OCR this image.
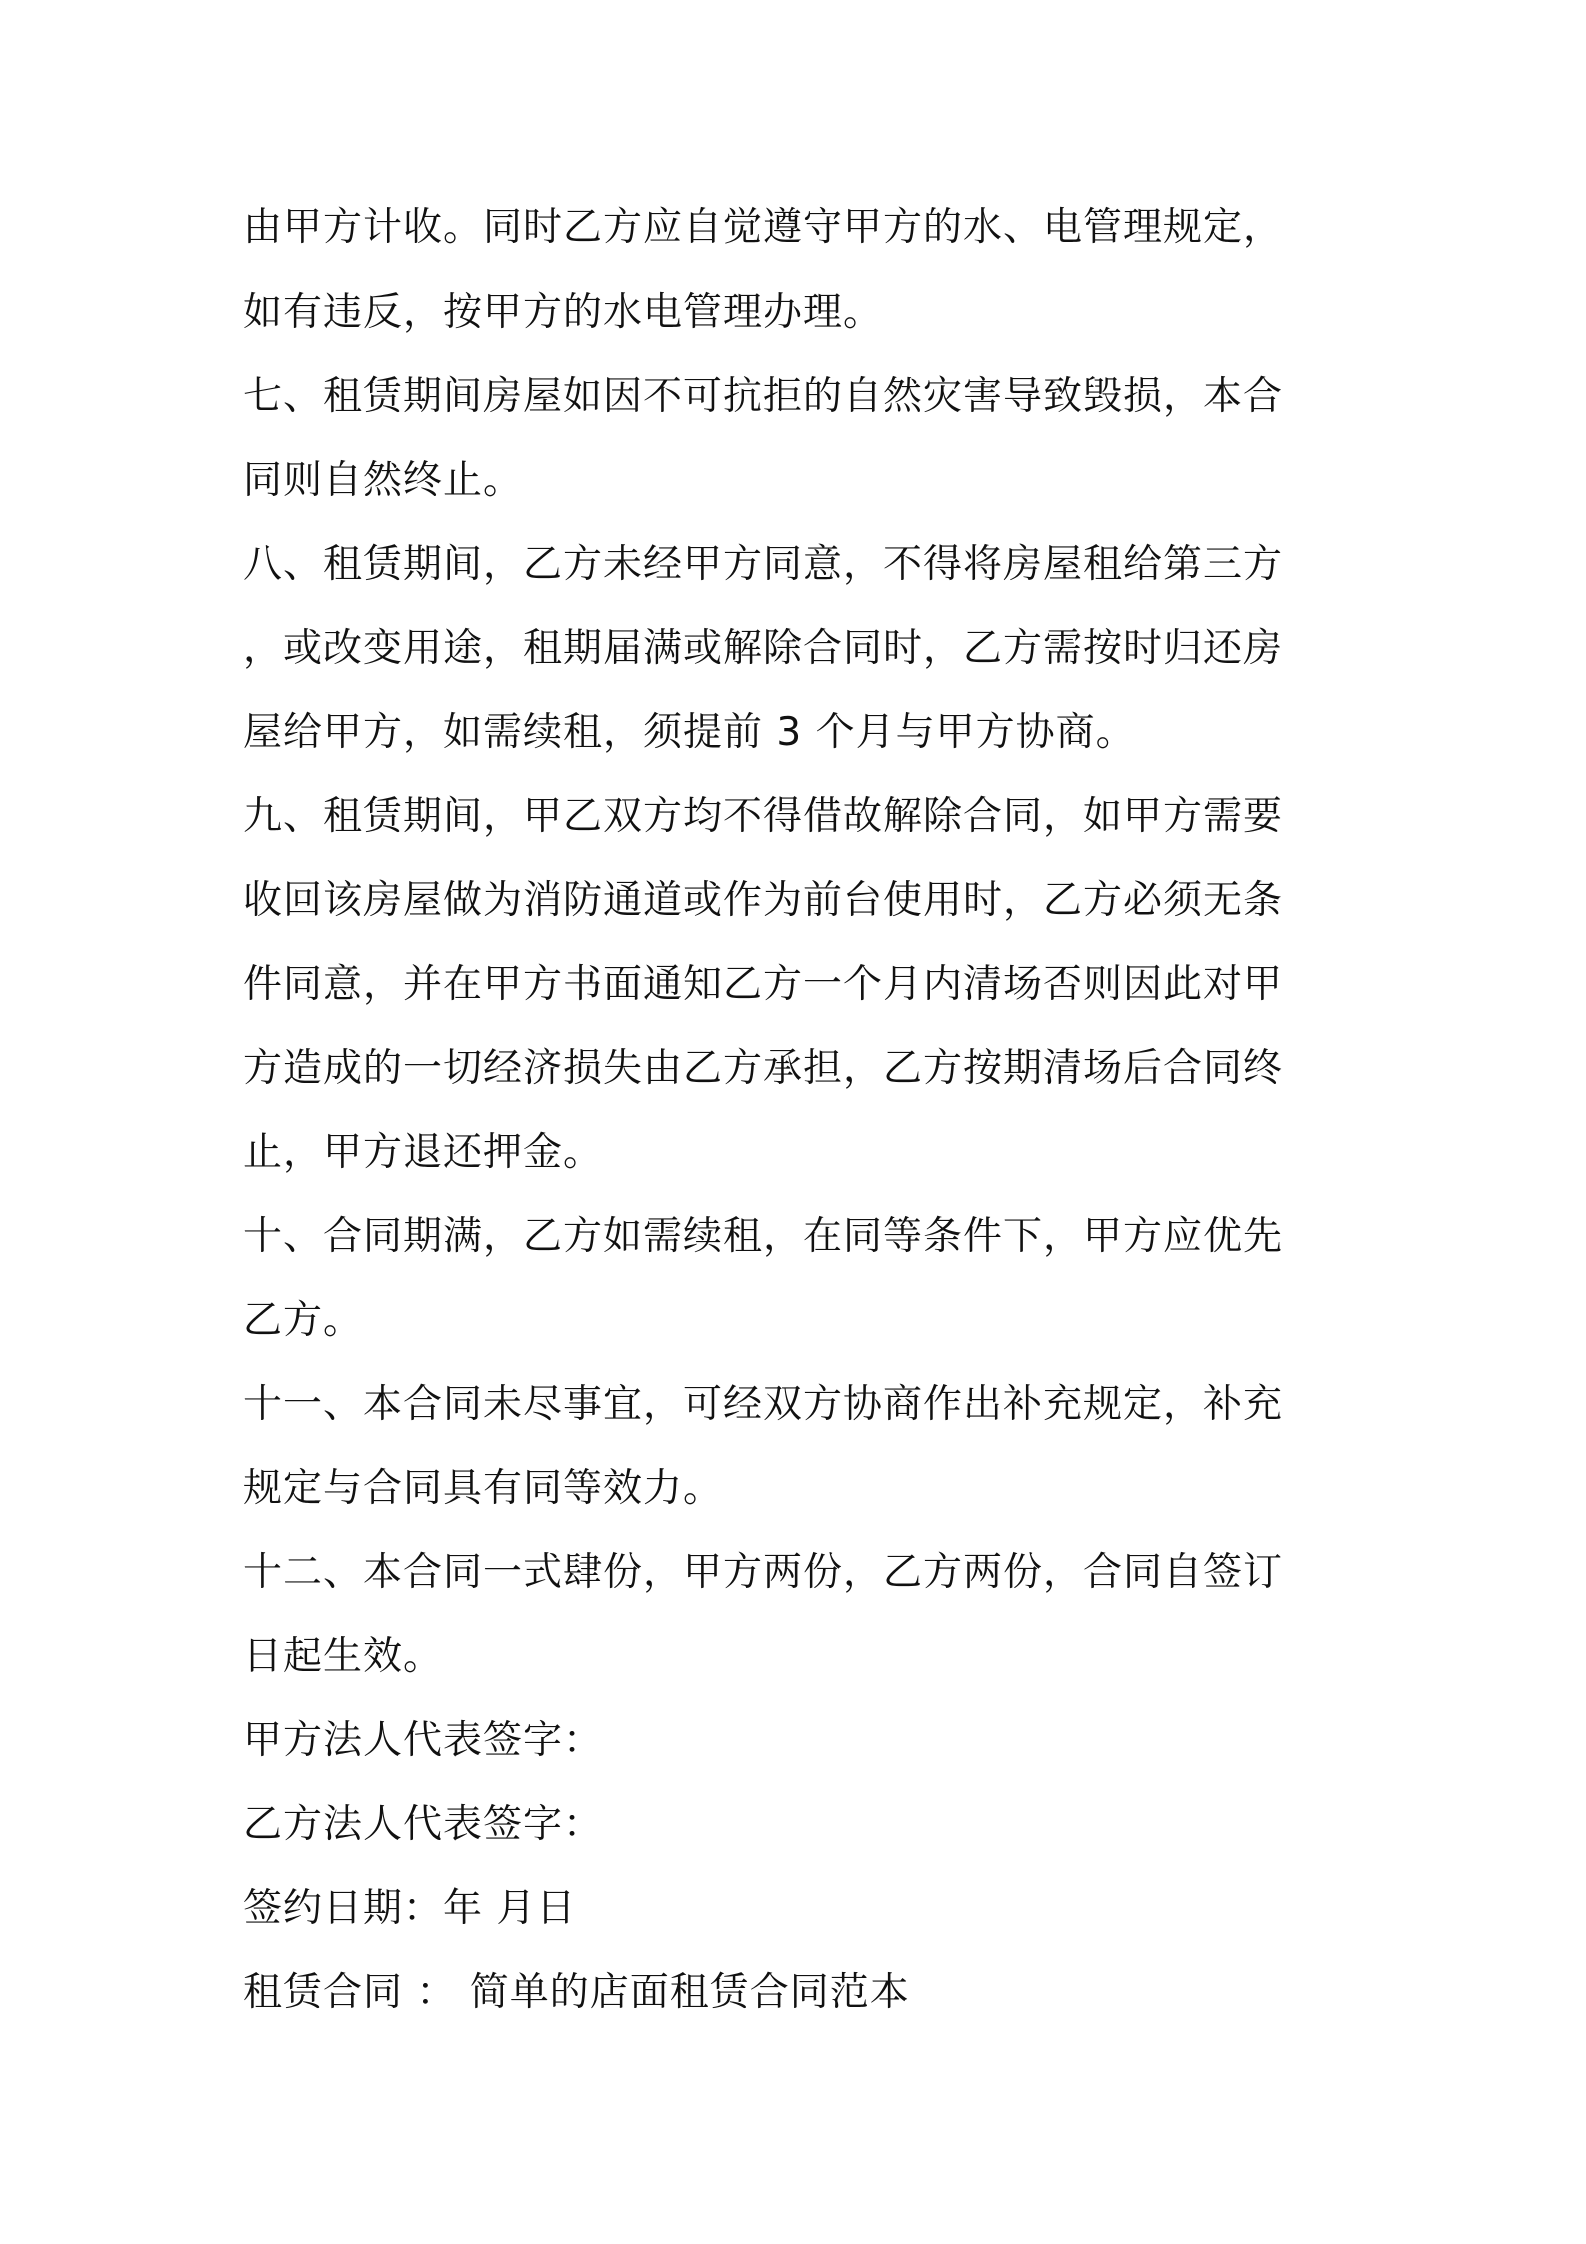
由甲方计收。同时乙方应自觉遵守甲方的水、电管理规定，
如有违反，按甲方的水电管理办理。
七、租赁期间房屋如因不可抗拒的自然灾害导致毁损，本合
同则自然终止。
八、租赁期间，乙方未经甲方同意，不得将房屋租给第三方
，或改变用途，租期届满或解除合同时，乙方需按时归还房
屋给甲方，如需续租，须提前 3 个月与甲方协商。
九、租赁期间，甲乙双方均不得借故解除合同，如甲方需要
收回该房屋做为消防通道或作为前台使用时，乙方必须无条
件同意，并在甲方书面通知乙方一个月内清场否则因此对甲
方造成的一切经济损失由乙方承担，乙方按期清场后合同终
止，甲方退还押金。
十、合同期满，乙方如需续租，在同等条件下，甲方应优先
乙方。
十一、本合同未尽事宜，可经双方协商作出补充规定，补充
规定与合同具有同等效力。
十二、本合同一式肆份，甲方两份，乙方两份，合同自签订
日起生效。
甲方法人代表签字：
乙方法人代表签字：
签约日期：年 月日
租赁合同 ： 简单的店面租赁合同范本
